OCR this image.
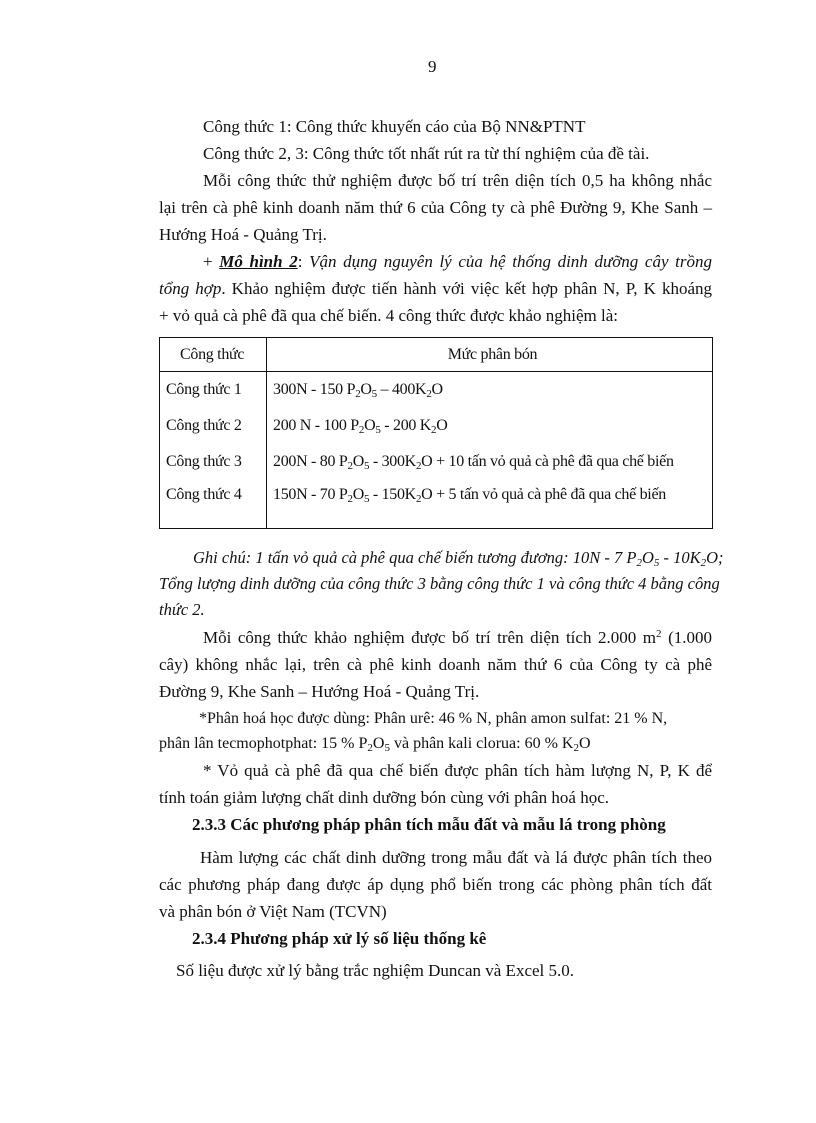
9
Công thức 1: Công thức khuyến cáo của Bộ NN&PTNT
Công thức 2, 3: Công thức tốt nhất rút ra từ thí nghiệm của đề tài.
Mỗi công thức thử nghiệm được bố trí trên diện tích 0,5 ha không nhắc
lại trên cà phê kinh doanh năm thứ 6 của Công ty cà phê Đường 9, Khe Sanh –
Hướng Hoá - Quảng Trị.
+ Mô hình 2: Vận dụng nguyên lý của hệ thống dinh dưỡng cây trồng
tổng hợp. Khảo nghiệm được tiến hành với việc kết hợp phân N, P, K khoáng
+ vỏ quả cà phê đã qua chế biến. 4 công thức được khảo nghiệm là:
Công thức	Mức phân bón
Công thức 1	300N - 150 $P_2O_5 - 400K_2O$
Công thức 2	200 N - 100 $P_2O_5 - 200$ $K_2O$
Công thức 3	200N - 80 $P_2O_5 - 300K_2O + 10$ tấn vỏ quả cà phê đã qua chế biến
Công thức 4	150N - 70 $P_2O_5 - 150K_2O + 5$ tấn vỏ quả cà phê đã qua chế biến
Ghi chú: 1 tấn vỏ quả cà phê qua chế biến tương đương: 10N - 7 $P_2O_5 - 10K_2O$;
Tổng lượng dinh dưỡng của công thức 3 bằng công thức 1 và công thức 4 bằng công
thức 2.
Mỗi công thức khảo nghiệm được bố trí trên diện tích 2.000 $m^2$ (1.000
cây) không nhắc lại, trên cà phê kinh doanh năm thứ 6 của Công ty cà phê
Đường 9, Khe Sanh – Hướng Hoá - Quảng Trị.
*Phân hoá học được dùng: Phân urê: 46 % N, phân amon sulfat: 21 % N,
phân lân tecmophotphat: 15 % $P_2O_5$ và phân kali clorua: 60 % $K_2O$
* Vỏ quả cà phê đã qua chế biến được phân tích hàm lượng N, P, K để
tính toán giảm lượng chất dinh dưỡng bón cùng với phân hoá học.
2.3.3 Các phương pháp phân tích mẫu đất và mẫu lá trong phòng
Hàm lượng các chất dinh dưỡng trong mẫu đất và lá được phân tích theo
các phương pháp đang được áp dụng phổ biến trong các phòng phân tích đất
và phân bón ở Việt Nam (TCVN)
2.3.4 Phương pháp xử lý số liệu thống kê
Số liệu được xử lý bằng trắc nghiệm Duncan và Excel 5.0.
